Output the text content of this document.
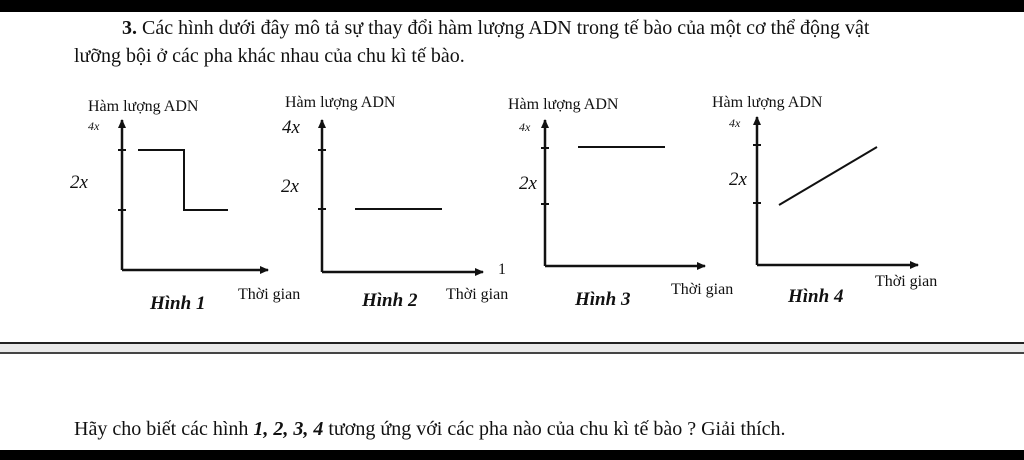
3. Các hình dưới đây mô tả sự thay đổi hàm lượng ADN trong tế bào của một cơ thể động vật
lưỡng bội ở các pha khác nhau của chu kì tế bào.
Hàm lượng ADN
4x
2x
Thời gian
Hình 1
Hàm lượng ADN
4x
2x
1
Thời gian
Hình 2
Hàm lượng ADN
4x
2x
Thời gian
Hình 3
Hàm lượng ADN
4x
2x
Thời gian
Hình 4
Hãy cho biết các hình 1, 2, 3, 4 tương ứng với các pha nào của chu kì tế bào ? Giải thích.
